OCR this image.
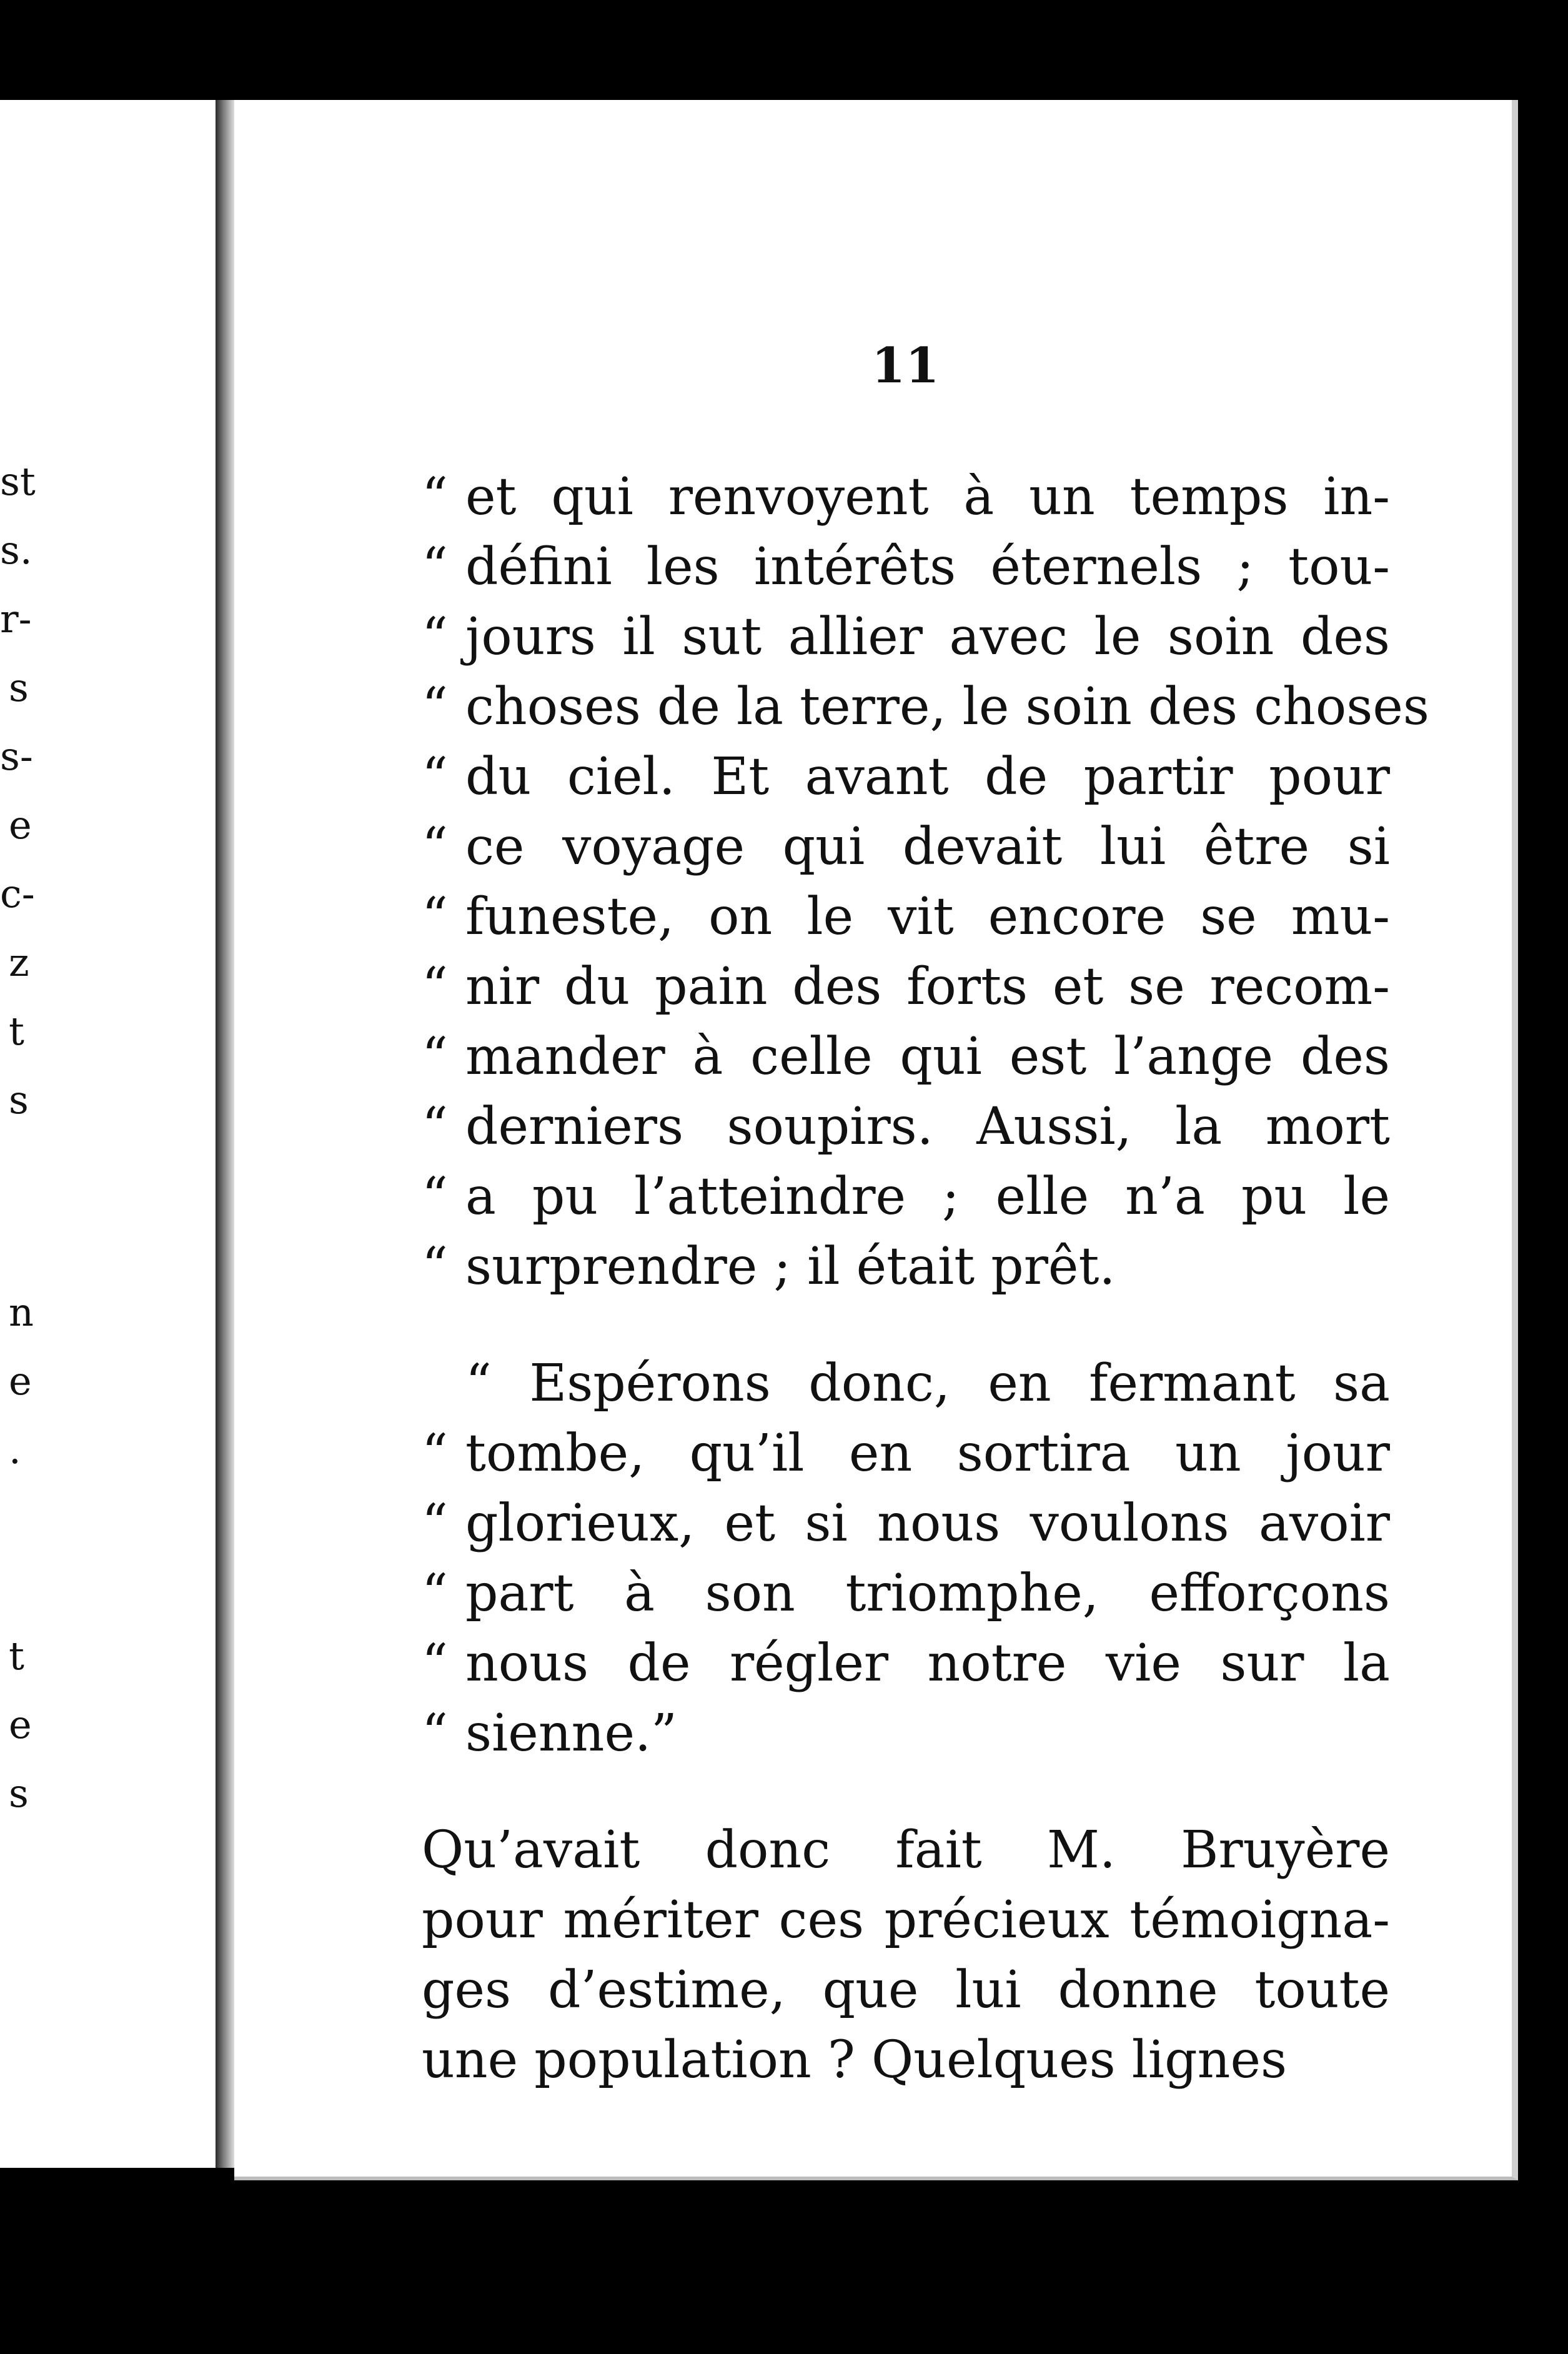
st
s.
r-
s
s-
e
c-
z
t
s
n
e
.
t
e
s
11
“ et qui renvoyent à un temps in-
“ défini les intérêts éternels ; tou-
“ jours il sut allier avec le soin des
“ choses de la terre, le soin des choses
“ du ciel. Et avant de partir pour
“ ce voyage qui devait lui être si
“ funeste, on le vit encore se mu-
“ nir du pain des forts et se recom-
“ mander à celle qui est l’ange des
“ derniers soupirs. Aussi, la mort
“ a pu l’atteindre ; elle n’a pu le
“ surprendre ; il était prêt.
“ Espérons donc, en fermant sa
“ tombe, qu’il en sortira un jour
“ glorieux, et si nous voulons avoir
“ part à son triomphe, efforçons
“ nous de régler notre vie sur la
“ sienne.”
Qu’avait donc fait M. Bruyère
pour mériter ces précieux témoigna-
ges d’estime, que lui donne toute
une population ? Quelques lignes
